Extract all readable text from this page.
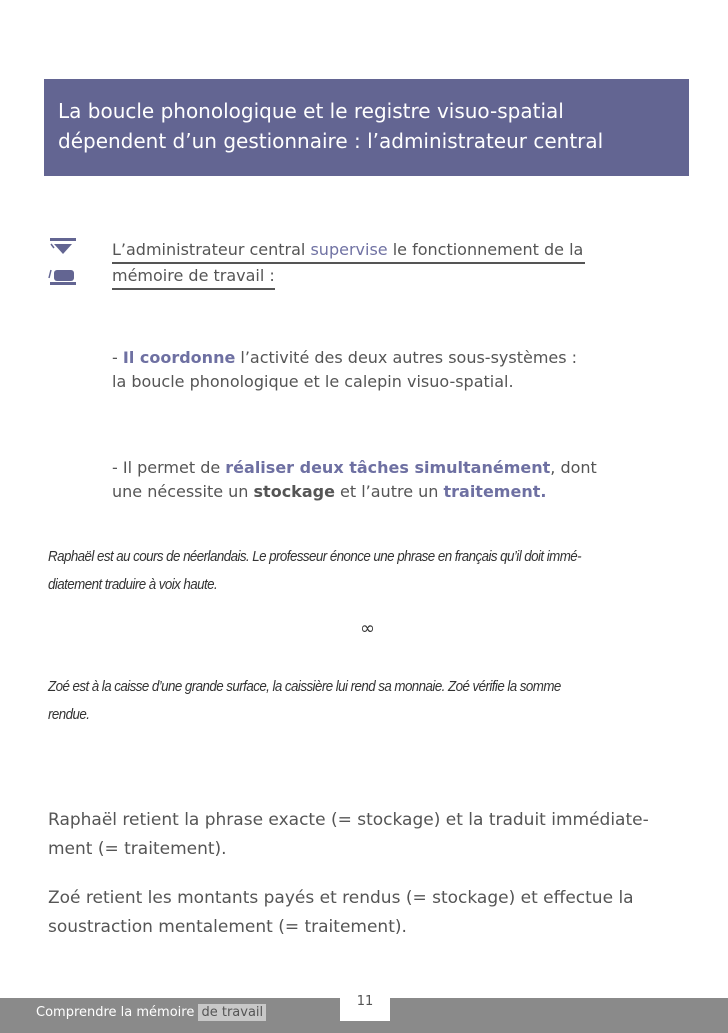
La boucle phonologique et le registre visuo-spatial
dépendent d’un gestionnaire : l’administrateur central
L’administrateur central supervise le fonctionnement de la
mémoire de travail :
- Il coordonne l’activité des deux autres sous-systèmes :
la boucle phonologique et le calepin visuo-spatial.
- Il permet de réaliser deux tâches simultanément, dont
une nécessite un stockage et l’autre un traitement.
Raphaël est au cours de néerlandais. Le professeur énonce une phrase en français qu’il doit immé-
diatement traduire à voix haute.
∞
Zoé est à la caisse d’une grande surface, la caissière lui rend sa monnaie. Zoé vérifie la somme
rendue.
Raphaël retient la phrase exacte (= stockage) et la traduit immédiate-
ment (= traitement).
Zoé retient les montants payés et rendus (= stockage) et effectue la
soustraction mentalement (= traitement).
11
Comprendre la mémoire de travail
